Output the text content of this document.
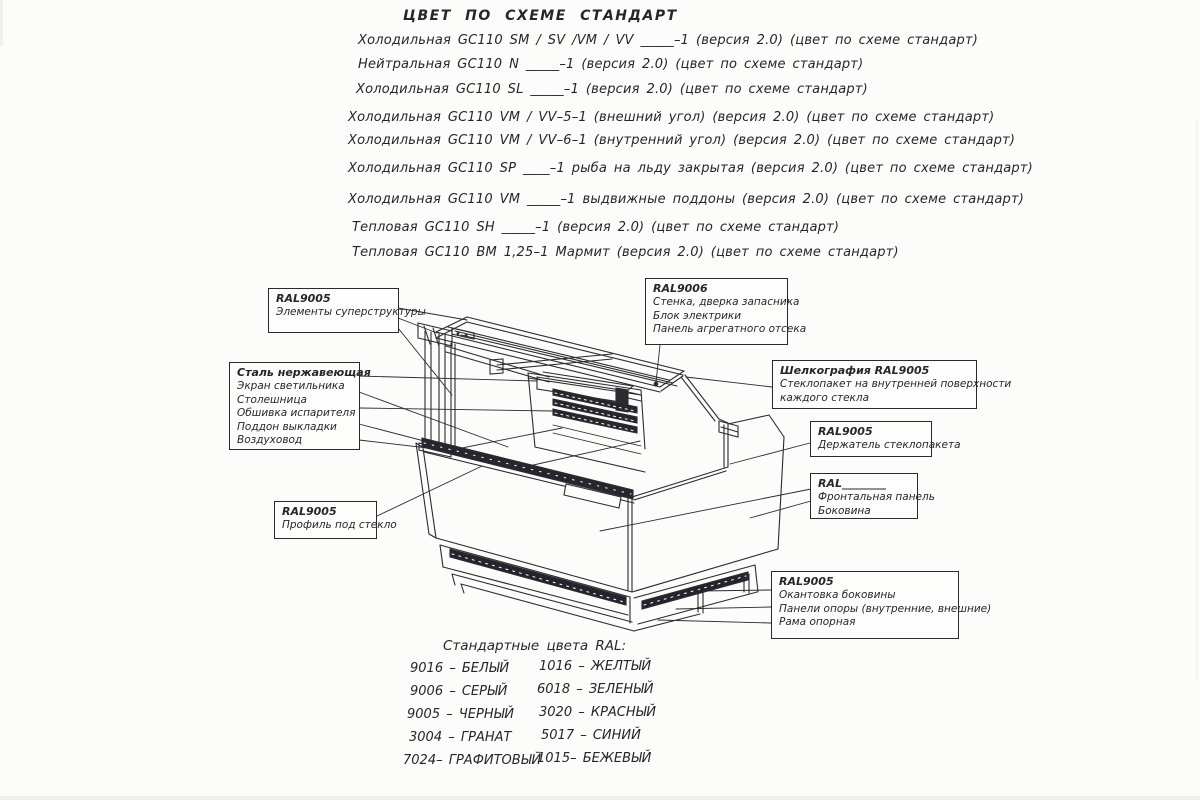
ЦВЕТ ПО СХЕМЕ СТАНДАРТ
Холодильная GC110 SM / SV /VM / VV _____–1 (версия 2.0) (цвет по схеме стандарт)
Нейтральная GC110 N _____–1 (версия 2.0) (цвет по схеме стандарт)
Холодильная GC110 SL _____–1 (версия 2.0) (цвет по схеме стандарт)
Холодильная GC110 VM / VV–5–1 (внешний угол) (версия 2.0) (цвет по схеме стандарт)
Холодильная GC110 VM / VV–6–1 (внутренний угол) (версия 2.0) (цвет по схеме стандарт)
Холодильная GC110 SP ____–1 рыба на льду закрытая (версия 2.0) (цвет по схеме стандарт)
Холодильная GC110 VM _____–1 выдвижные поддоны (версия 2.0) (цвет по схеме стандарт)
Тепловая GC110 SH _____–1 (версия 2.0) (цвет по схеме стандарт)
Тепловая GC110 ВМ 1,25–1 Мармит (версия 2.0) (цвет по схеме стандарт)
RAL9005
Элементы суперструктуры
RAL9006
Стенка, дверка запасника
Блок электрики
Панель агрегатного отсека
Сталь нержавеющая
Экран светильника
Столешница
Обшивка испарителя
Поддон выкладки
Воздуховод
Шелкография RAL9005
Стеклопакет на внутренней поверхности
каждого стекла
RAL9005
Держатель стеклопакета
RAL________
Фронтальная панель
Боковина
RAL9005
Профиль под стекло
RAL9005
Окантовка боковины
Панели опоры (внутренние, внешние)
Рама опорная
Стандартные цвета RAL:
9016 – БЕЛЫЙ
9006 – СЕРЫЙ
9005 – ЧЕРНЫЙ
3004 – ГРАНАТ
7024– ГРАФИТОВЫЙ
1016 – ЖЕЛТЫЙ
6018 – ЗЕЛЕНЫЙ
3020 – КРАСНЫЙ
5017 – СИНИЙ
1015– БЕЖЕВЫЙ
